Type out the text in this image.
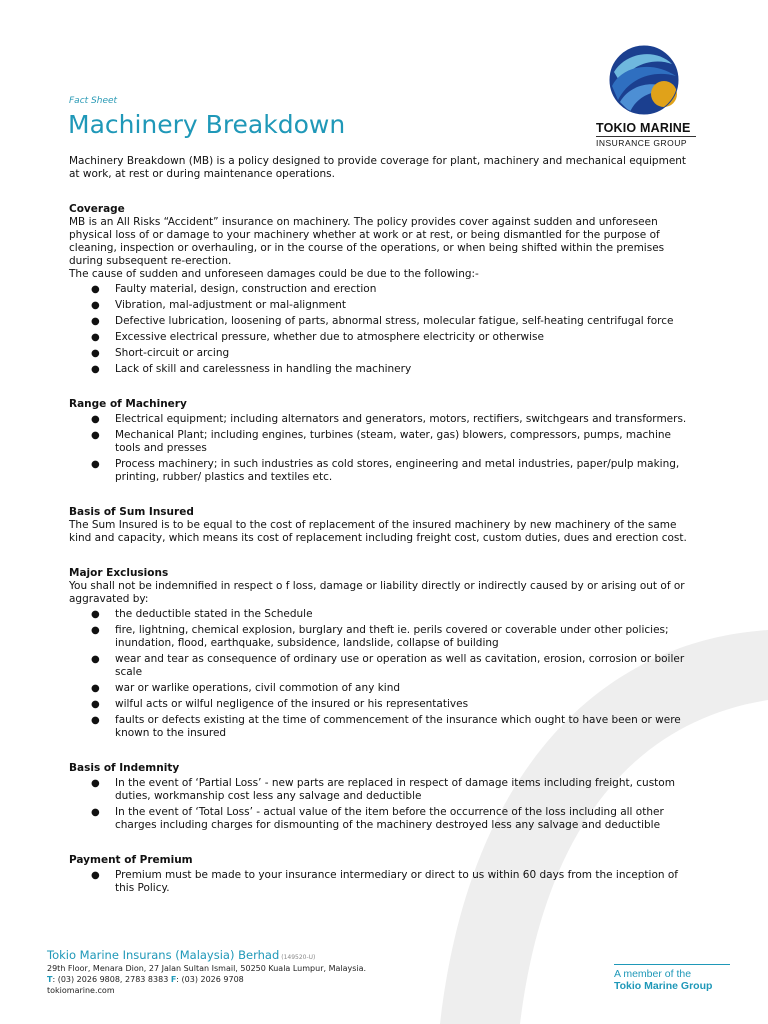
TOKIO MARINE
INSURANCE GROUP
Fact Sheet
Machinery Breakdown

Machinery Breakdown (MB) is a policy designed to provide coverage for plant, machinery and mechanical equipment at work, at rest or during maintenance operations.

Coverage

MB is an All Risks “Accident” insurance on machinery. The policy provides cover against sudden and unforeseen physical loss of or damage to your machinery whether at work or at rest, or being dismantled for the purpose of cleaning, inspection or overhauling, or in the course of the operations, or when being shifted within the premises during subsequent re-erection.

The cause of sudden and unforeseen damages could be due to the following:-

● Faulty material, design, construction and erection
● Vibration, mal-adjustment or mal-alignment
● Defective lubrication, loosening of parts, abnormal stress, molecular fatigue, self-heating centrifugal force
● Excessive electrical pressure, whether due to atmosphere electricity or otherwise
● Short-circuit or arcing
● Lack of skill and carelessness in handling the machinery

Range of Machinery

● Electrical equipment; including alternators and generators, motors, rectifiers, switchgears and transformers.
● Mechanical Plant; including engines, turbines (steam, water, gas) blowers, compressors, pumps, machine tools and presses
● Process machinery; in such industries as cold stores, engineering and metal industries, paper/pulp making, printing, rubber/ plastics and textiles etc.

Basis of Sum Insured

The Sum Insured is to be equal to the cost of replacement of the insured machinery by new machinery of the same kind and capacity, which means its cost of replacement including freight cost, custom duties, dues and erection cost.

Major Exclusions

You shall not be indemnified in respect o f loss, damage or liability directly or indirectly caused by or arising out of or aggravated by:

● the deductible stated in the Schedule
● fire, lightning, chemical explosion, burglary and theft ie. perils covered or coverable under other policies; inundation, flood, earthquake, subsidence, landslide, collapse of building
● wear and tear as consequence of ordinary use or operation as well as cavitation, erosion, corrosion or boiler scale
● war or warlike operations, civil commotion of any kind
● wilful acts or wilful negligence of the insured or his representatives
● faults or defects existing at the time of commencement of the insurance which ought to have been or were known to the insured

Basis of Indemnity

● In the event of ‘Partial Loss’ - new parts are replaced in respect of damage items including freight, custom duties, workmanship cost less any salvage and deductible
● In the event of ‘Total Loss’ - actual value of the item before the occurrence of the loss including all other charges including charges for dismounting of the machinery destroyed less any salvage and deductible

Payment of Premium

● Premium must be made to your insurance intermediary or direct to us within 60 days from the inception of this Policy.
Tokio Marine Insurans (Malaysia) Berhad (149520-U)
29th Floor, Menara Dion, 27 Jalan Sultan Ismail, 50250 Kuala Lumpur, Malaysia.
T: (03) 2026 9808, 2783 8383 F: (03) 2026 9708
tokiomarine.com
A member of the
Tokio Marine Group
